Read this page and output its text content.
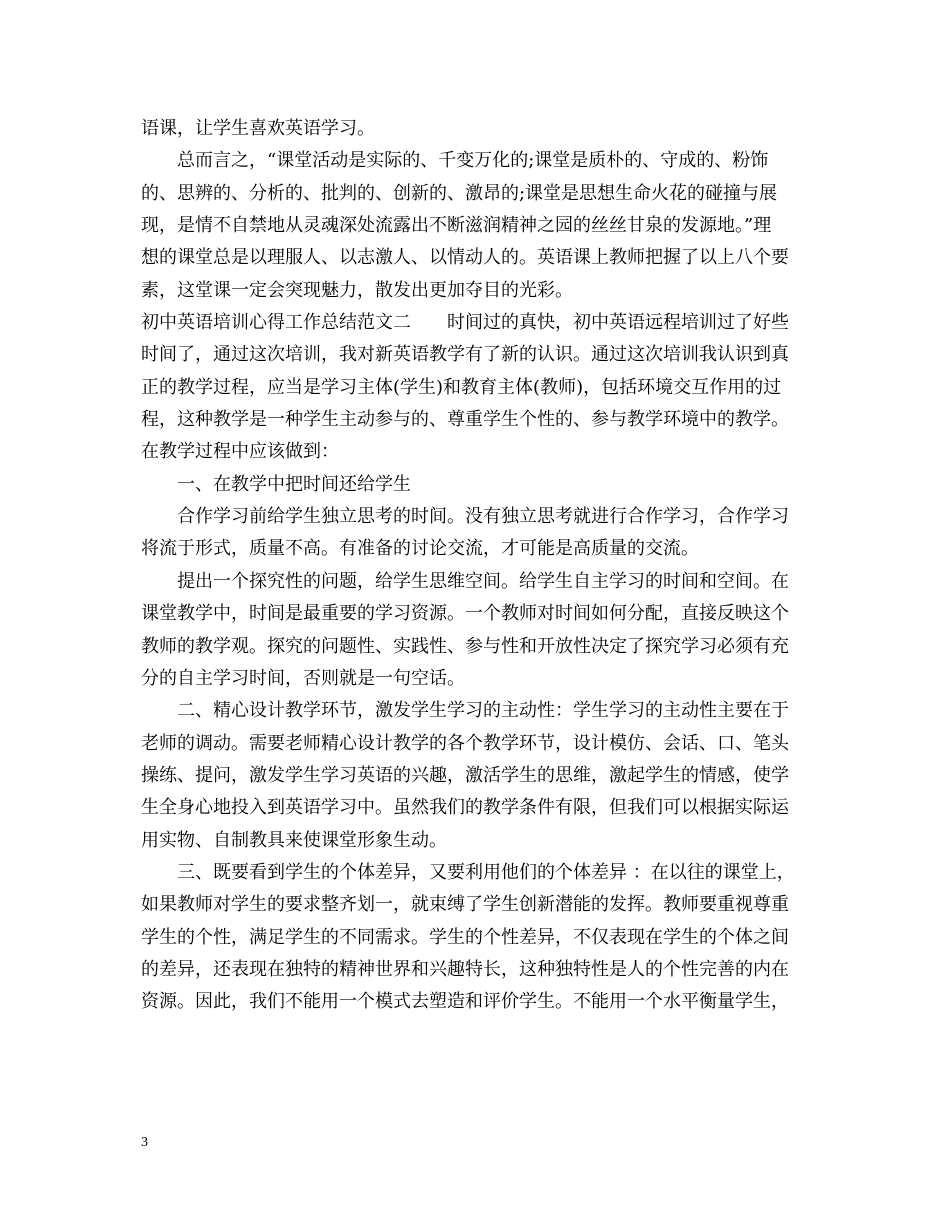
语课，让学生喜欢英语学习。
总而言之，“课堂活动是实际的、千变万化的;课堂是质朴的、守成的、粉饰
的、思辨的、分析的、批判的、创新的、激昂的;课堂是思想生命火花的碰撞与展
现，是情不自禁地从灵魂深处流露出不断滋润精神之园的丝丝甘泉的发源地。”理
想的课堂总是以理服人、以志激人、以情动人的。英语课上教师把握了以上八个要
素，这堂课一定会突现魅力，散发出更加夺目的光彩。
初中英语培训心得工作总结范文二　　时间过的真快，初中英语远程培训过了好些
时间了，通过这次培训，我对新英语教学有了新的认识。通过这次培训我认识到真
正的教学过程，应当是学习主体(学生)和教育主体(教师)，包括环境交互作用的过
程，这种教学是一种学生主动参与的、尊重学生个性的、参与教学环境中的教学。
在教学过程中应该做到：
一、在教学中把时间还给学生
合作学习前给学生独立思考的时间。没有独立思考就进行合作学习，合作学习
将流于形式，质量不高。有准备的讨论交流，才可能是高质量的交流。
提出一个探究性的问题，给学生思维空间。给学生自主学习的时间和空间。在
课堂教学中，时间是最重要的学习资源。一个教师对时间如何分配，直接反映这个
教师的教学观。探究的问题性、实践性、参与性和开放性决定了探究学习必须有充
分的自主学习时间，否则就是一句空话。
二、精心设计教学环节，激发学生学习的主动性：学生学习的主动性主要在于
老师的调动。需要老师精心设计教学的各个教学环节，设计模仿、会话、口、笔头
操练、提问，激发学生学习英语的兴趣，激活学生的思维，激起学生的情感，使学
生全身心地投入到英语学习中。虽然我们的教学条件有限，但我们可以根据实际运
用实物、自制教具来使课堂形象生动。
三、既要看到学生的个体差异，又要利用他们的个体差异 ：在以往的课堂上，
如果教师对学生的要求整齐划一，就束缚了学生创新潜能的发挥。教师要重视尊重
学生的个性，满足学生的不同需求。学生的个性差异，不仅表现在学生的个体之间
的差异，还表现在独特的精神世界和兴趣特长，这种独特性是人的个性完善的内在
资源。因此，我们不能用一个模式去塑造和评价学生。不能用一个水平衡量学生，
3
